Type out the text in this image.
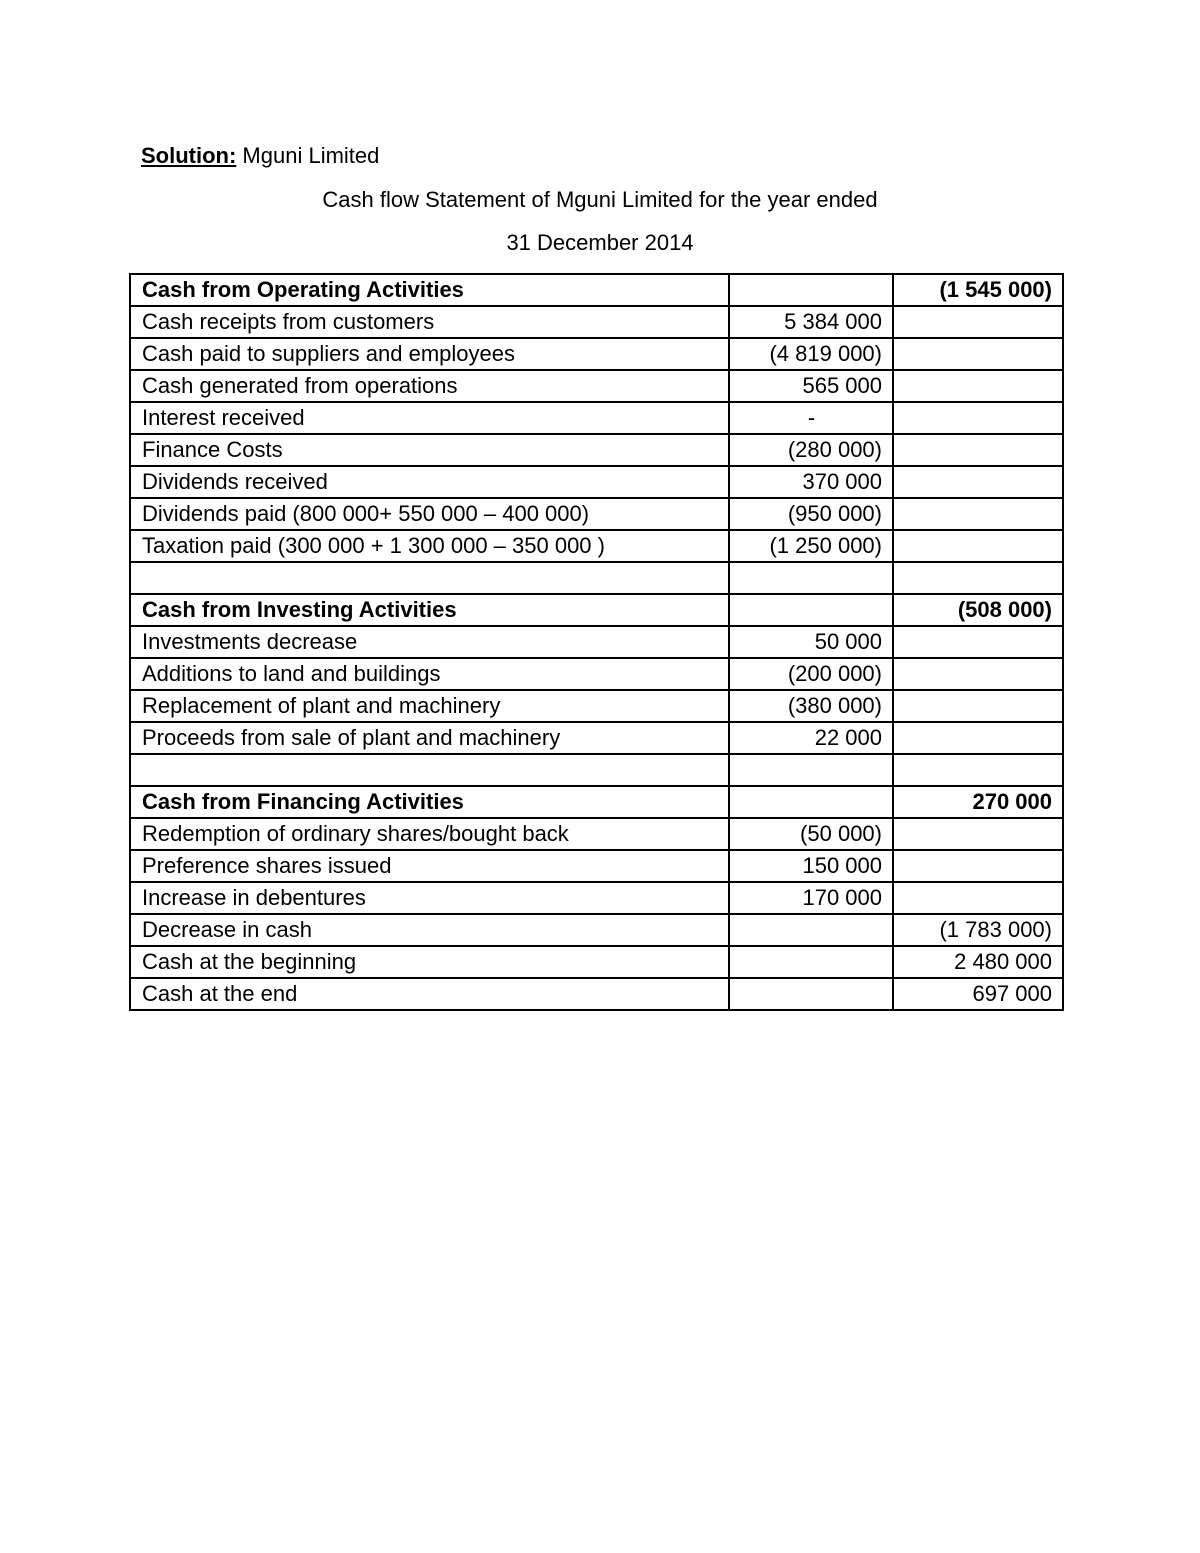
Solution: Mguni Limited
Cash flow Statement of Mguni Limited for the year ended
31 December 2014
Cash from Operating Activities		(1 545 000)
Cash receipts from customers	5 384 000	
Cash paid to suppliers and employees	(4 819 000)	
Cash generated from operations	565 000	
Interest received	-	
Finance Costs	(280 000)	
Dividends received	370 000	
Dividends paid (800 000+ 550 000 – 400 000)	(950 000)	
Taxation paid (300 000 + 1 300 000 – 350 000 )	(1 250 000)	

Cash from Investing Activities		(508 000)
Investments decrease	50 000	
Additions to land and buildings	(200 000)	
Replacement of plant and machinery	(380 000)	
Proceeds from sale of plant and machinery	22 000	

Cash from Financing Activities		270 000
Redemption of ordinary shares/bought back	(50 000)	
Preference shares issued	150 000	
Increase in debentures	170 000	
Decrease in cash		(1 783 000)
Cash at the beginning		2 480 000
Cash at the end		697 000
